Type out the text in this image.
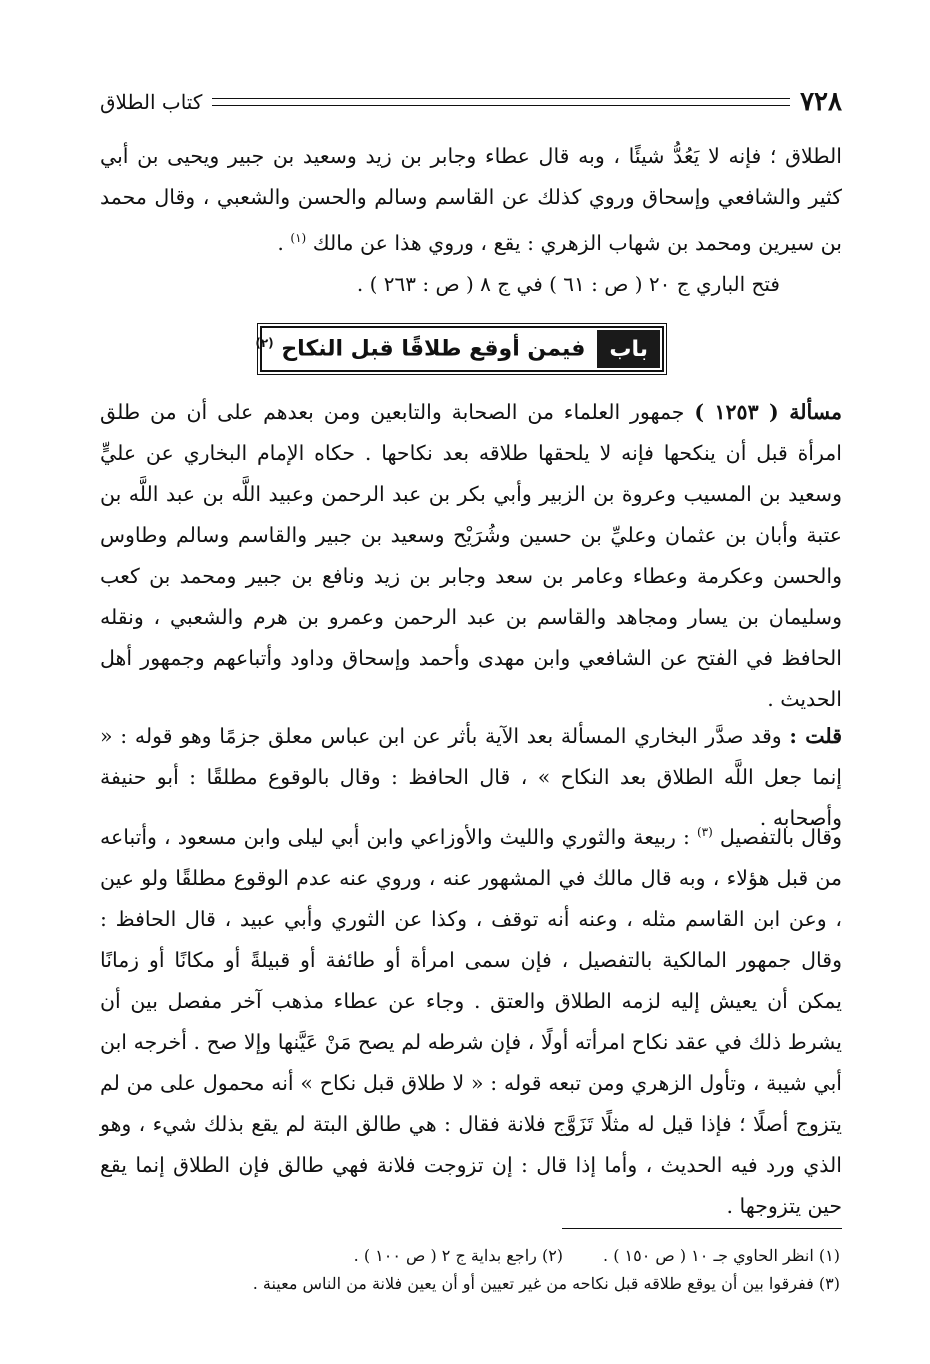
٧٢٨
كتاب الطلاق
الطلاق ؛ فإنه لا يَعُدُّ شيئًا ، وبه قال عطاء وجابر بن زيد وسعيد بن جبير ويحيى بن أبي كثير والشافعي وإسحاق وروي كذلك عن القاسم وسالم والحسن والشعبي ، وقال محمد بن سيرين ومحمد بن شهاب الزهري : يقع ، وروي هذا عن مالك $^{(١)}$ .
فتح الباري ج ٢٠ ( ص : ٦١ ) في ج ٨ ( ص : ٢٦٣ ) .
باب
فيمن أوقع طلاقًا قبل النكاح $^{(٢)}$
مسألة ( ١٢٥٣ ) جمهور العلماء من الصحابة والتابعين ومن بعدهم على أن من طلق امرأة قبل أن ينكحها فإنه لا يلحقها طلاقه بعد نكاحها . حكاه الإمام البخاري عن عليٍّ وسعيد بن المسيب وعروة بن الزبير وأبي بكر بن عبد الرحمن وعبيد اللَّه بن عبد اللَّه بن عتبة وأبان بن عثمان وعليِّ بن حسين وشُرَيْح وسعيد بن جبير والقاسم وسالم وطاوس والحسن وعكرمة وعطاء وعامر بن سعد وجابر بن زيد ونافع بن جبير ومحمد بن كعب وسليمان بن يسار ومجاهد والقاسم بن عبد الرحمن وعمرو بن هرم والشعبي ، ونقله الحافظ في الفتح عن الشافعي وابن مهدى وأحمد وإسحاق وداود وأتباعهم وجمهور أهل الحديث .
قلت : وقد صدَّر البخاري المسألة بعد الآية بأثر عن ابن عباس معلق جزمًا وهو قوله : « إنما جعل اللَّه الطلاق بعد النكاح » ، قال الحافظ : وقال بالوقوع مطلقًا : أبو حنيفة وأصحابه .
وقال بالتفصيل $^{(٣)}$ : ربيعة والثوري والليث والأوزاعي وابن أبي ليلى وابن مسعود ، وأتباعه من قبل هؤلاء ، وبه قال مالك في المشهور عنه ، وروي عنه عدم الوقوع مطلقًا ولو عين ، وعن ابن القاسم مثله ، وعنه أنه توقف ، وكذا عن الثوري وأبي عبيد ، قال الحافظ : وقال جمهور المالكية بالتفصيل ، فإن سمى امرأة أو طائفة أو قبيلةً أو مكانًا أو زمانًا يمكن أن يعيش إليه لزمه الطلاق والعتق . وجاء عن عطاء مذهب آخر مفصل بين أن يشرط ذلك في عقد نكاح امرأته أولًا ، فإن شرطه لم يصح مَنْ عَيَّنها وإلا صح . أخرجه ابن أبي شيبة ، وتأول الزهري ومن تبعه قوله : « لا طلاق قبل نكاح » أنه محمول على من لم يتزوج أصلًا ؛ فإذا قيل له مثلًا تَزَوَّج فلانة فقال : هي طالق البتة لم يقع بذلك شيء ، وهو الذي ورد فيه الحديث ، وأما إذا قال : إن تزوجت فلانة فهي طالق فإن الطلاق إنما يقع حين يتزوجها .
(١) انظر الحاوي جـ ١٠ ( ص ١٥٠ ) .
(٢) راجع بداية ج ٢ ( ص ١٠٠ ) .
(٣) ففرقوا بين أن يوقع طلاقه قبل نكاحه من غير تعيين أو أن يعين فلانة من الناس معينة .
